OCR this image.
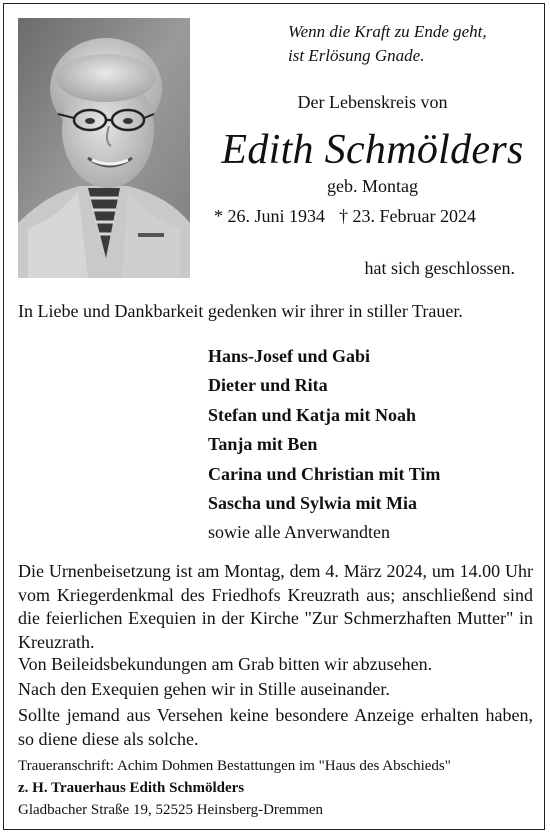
Wenn die Kraft zu Ende geht,
ist Erlösung Gnade.
Der Lebenskreis von
Edith Schmölders
geb. Montag
* 26. Juni 1934 † 23. Februar 2024
hat sich geschlossen.
In Liebe und Dankbarkeit gedenken wir ihrer in stiller Trauer.
Hans-Josef und Gabi
Dieter und Rita
Stefan und Katja mit Noah
Tanja mit Ben
Carina und Christian mit Tim
Sascha und Sylwia mit Mia
sowie alle Anverwandten
Die Urnenbeisetzung ist am Montag, dem 4. März 2024, um 14.00 Uhr vom Kriegerdenkmal des Friedhofs Kreuzrath aus; anschließend sind die feierlichen Exequien in der Kirche "Zur Schmerzhaften Mutter" in Kreuzrath.
Von Beileidsbekundungen am Grab bitten wir abzusehen.
Nach den Exequien gehen wir in Stille auseinander.
Sollte jemand aus Versehen keine besondere Anzeige erhalten haben, so diene diese als solche.
Traueranschrift: Achim Dohmen Bestattungen im "Haus des Abschieds"
z. H. Trauerhaus Edith Schmölders
Gladbacher Straße 19, 52525 Heinsberg-Dremmen
